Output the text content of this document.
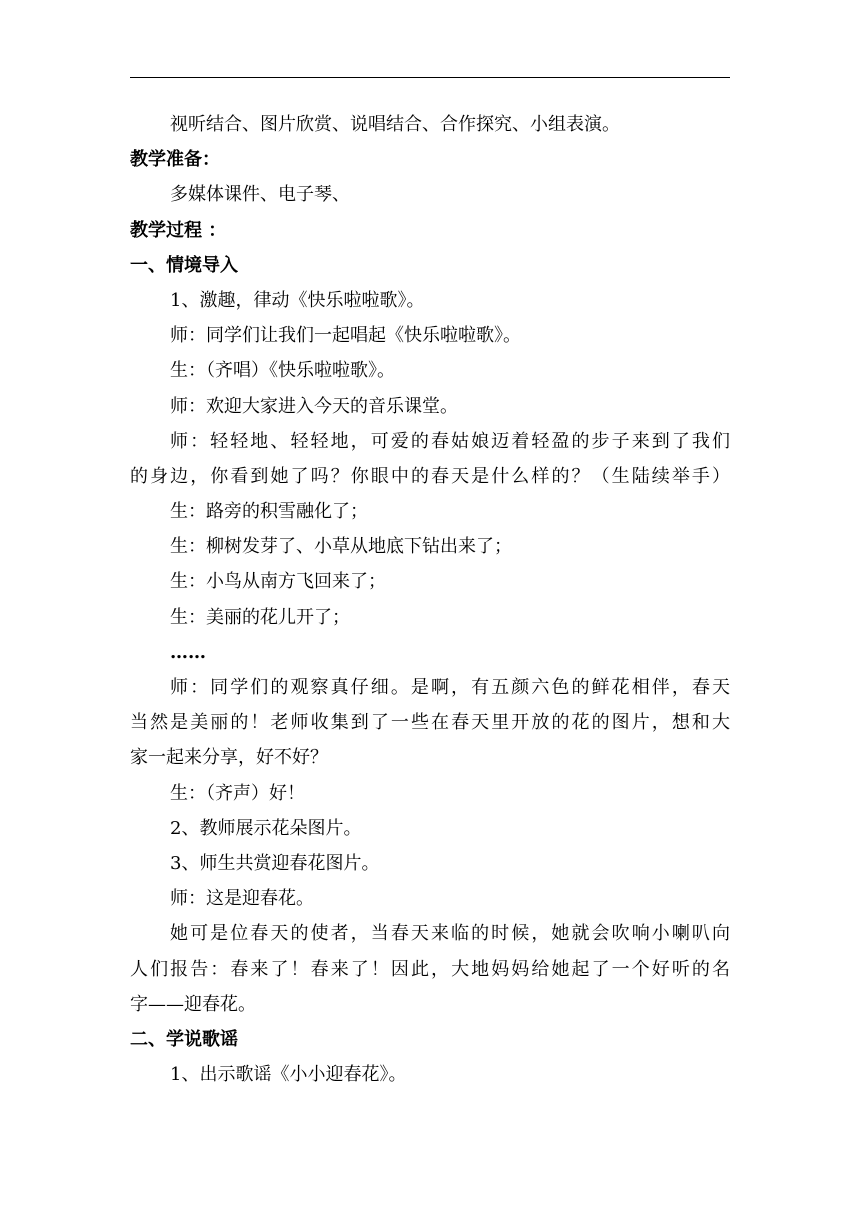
视听结合、图片欣赏、说唱结合、合作探究、小组表演。

教学准备：

多媒体课件、电子琴、

教学过程 ：

一、情境导入

1、激趣，律动《快乐啦啦歌》。

师：同学们让我们一起唱起《快乐啦啦歌》。

生：（齐唱）《快乐啦啦歌》。

师：欢迎大家进入今天的音乐课堂。

师：轻轻地、轻轻地，可爱的春姑娘迈着轻盈的步子来到了我们

的身边，你看到她了吗？你眼中的春天是什么样的？（生陆续举手）

生：路旁的积雪融化了；

生：柳树发芽了、小草从地底下钻出来了；

生：小鸟从南方飞回来了；

生：美丽的花儿开了；

……

师：同学们的观察真仔细。是啊，有五颜六色的鲜花相伴，春天

当然是美丽的！老师收集到了一些在春天里开放的花的图片，想和大

家一起来分享，好不好？

生：（齐声）好！

2、教师展示花朵图片。

3、师生共赏迎春花图片。

师：这是迎春花。

她可是位春天的使者，当春天来临的时候，她就会吹响小喇叭向

人们报告：春来了！春来了！因此，大地妈妈给她起了一个好听的名

字——迎春花。

二、学说歌谣

1、出示歌谣《小小迎春花》。
